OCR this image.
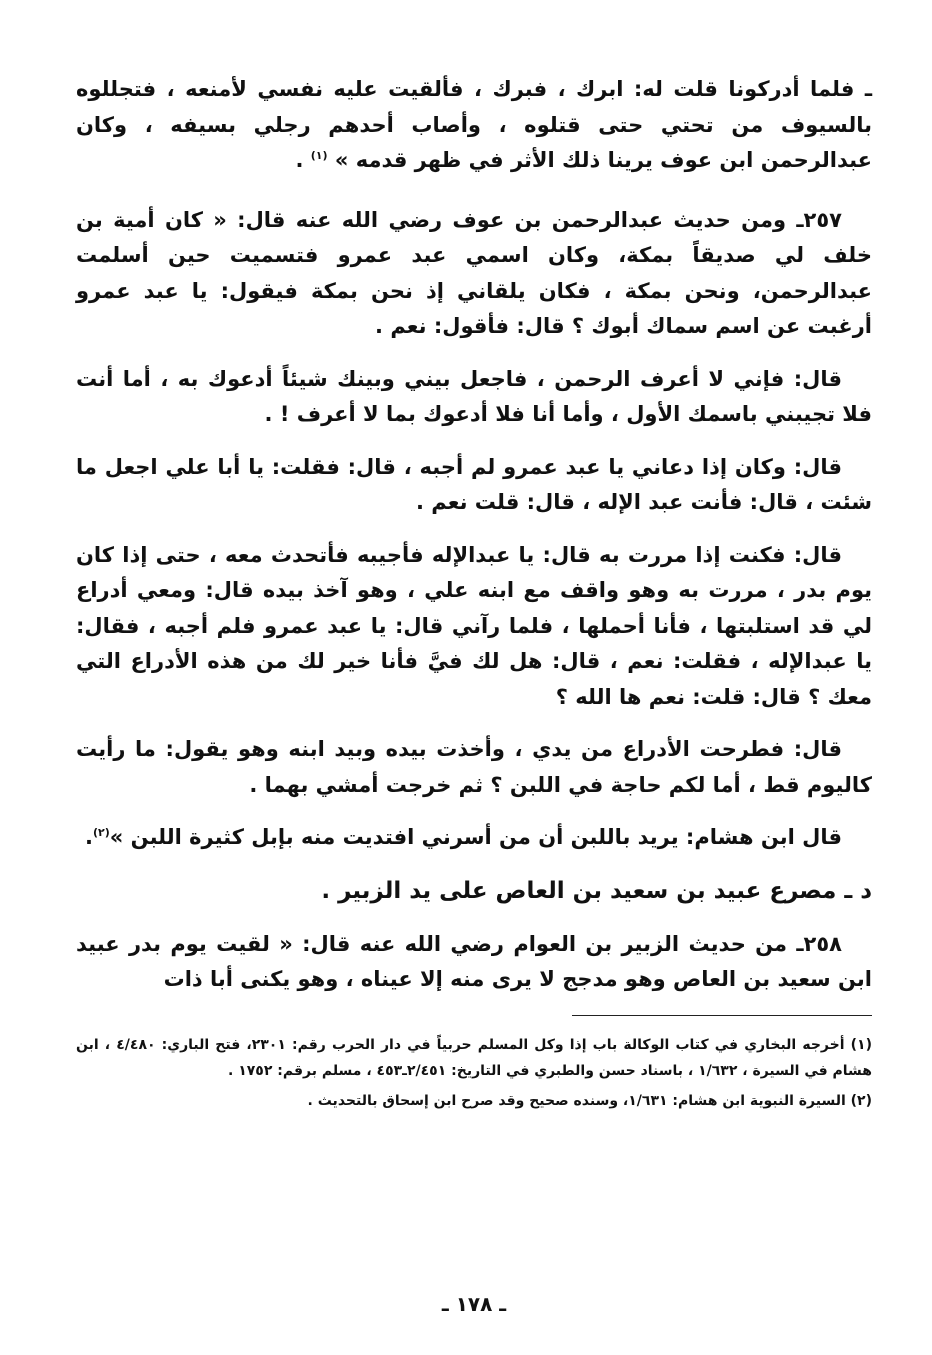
ـ فلما أدركونا قلت له: ابرك ، فبرك ، فألقيت عليه نفسي لأمنعه ، فتجللوه بالسيوف من تحتي حتى قتلوه ، وأصاب أحدهم رجلي بسيفه ، وكان عبدالرحمن ابن عوف يرينا ذلك الأثر في ظهر قدمه » $^{(١)}$ .

٢٥٧ـ ومن حديث عبدالرحمن بن عوف رضي الله عنه قال: « كان أمية بن خلف لي صديقاً بمكة، وكان اسمي عبد عمرو فتسميت حين أسلمت عبدالرحمن، ونحن بمكة ، فكان يلقاني إذ نحن بمكة فيقول: يا عبد عمرو أرغبت عن اسم سماك أبوك ؟ قال: فأقول: نعم .

قال: فإني لا أعرف الرحمن ، فاجعل بيني وبينك شيئاً أدعوك به ، أما أنت فلا تجيبني باسمك الأول ، وأما أنا فلا أدعوك بما لا أعرف ! .

قال: وكان إذا دعاني يا عبد عمرو لم أجبه ، قال: فقلت: يا أبا علي اجعل ما شئت ، قال: فأنت عبد الإله ، قال: قلت نعم .

قال: فكنت إذا مررت به قال: يا عبدالإله فأجيبه فأتحدث معه ، حتى إذا كان يوم بدر ، مررت به وهو واقف مع ابنه علي ، وهو آخذ بيده قال: ومعي أدراع لي قد استلبتها ، فأنا أحملها ، فلما رآني قال: يا عبد عمرو فلم أجبه ، فقال: يا عبدالإله ، فقلت: نعم ، قال: هل لك فيَّ فأنا خير لك من هذه الأدراع التي معك ؟ قال: قلت: نعم ها الله ؟

قال: فطرحت الأدراع من يدي ، وأخذت بيده وبيد ابنه وهو يقول: ما رأيت كاليوم قط ، أما لكم حاجة في اللبن ؟ ثم خرجت أمشي بهما .

قال ابن هشام: يريد باللبن أن من أسرني افتديت منه بإبل كثيرة اللبن »$^{(٢)}$.

د ـ مصرع عبيد بن سعيد بن العاص على يد الزبير .

٢٥٨ـ من حديث الزبير بن العوام رضي الله عنه قال: « لقيت يوم بدر عبيد ابن سعيد بن العاص وهو مدجج لا يرى منه إلا عيناه ، وهو يكنى أبا ذات

(١) أخرجه البخاري في كتاب الوكالة باب إذا وكل المسلم حربياً في دار الحرب رقم: ٢٣٠١، فتح الباري: ٤/٤٨٠ ، ابن هشام في السيرة ، ١/٦٣٢ ، باسناد حسن والطبري في التاريخ: ٢/٤٥١ـ٤٥٣ ، مسلم برقم: ١٧٥٢ .

(٢) السيرة النبوية ابن هشام: ١/٦٣١، وسنده صحيح وقد صرح ابن إسحاق بالتحديث .

ـ ١٧٨ ـ
